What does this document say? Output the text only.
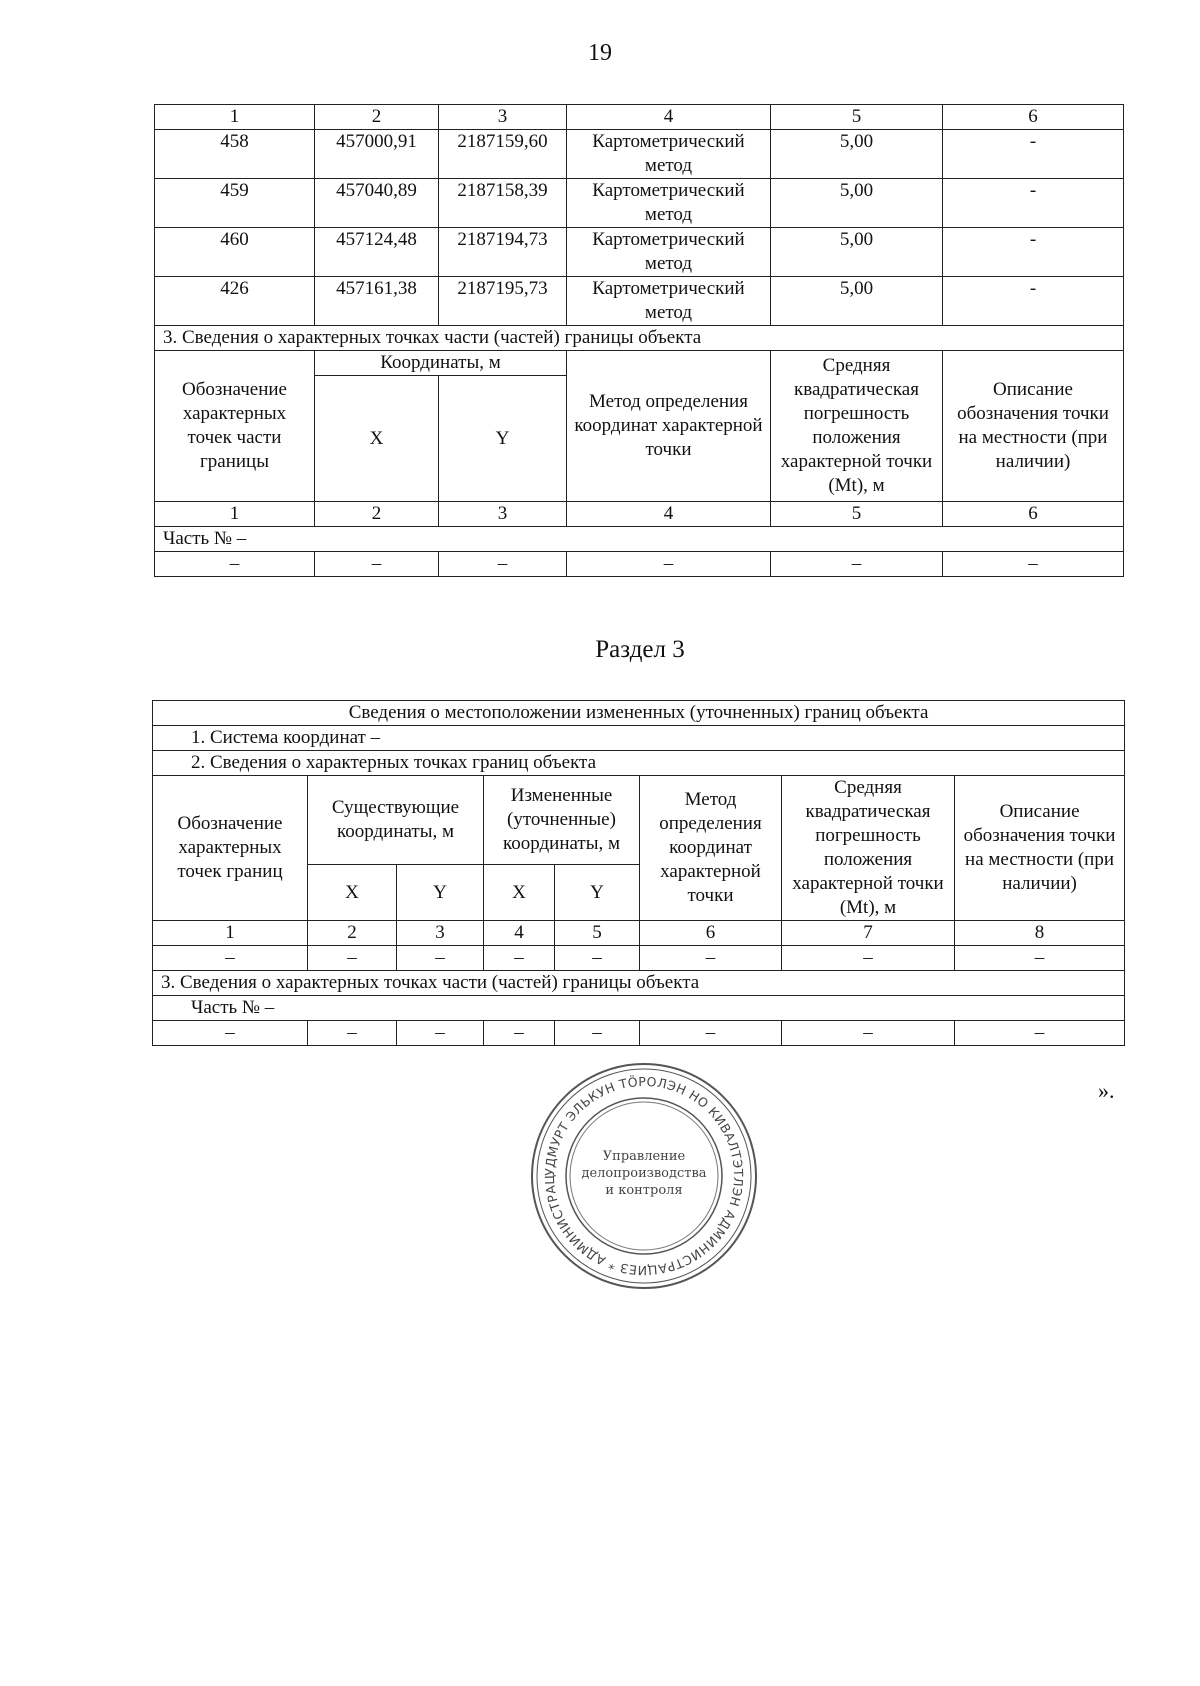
19
1	2	3	4	5	6
458	457000,91	2187159,60	Картометрический метод	5,00	-
459	457040,89	2187158,39	Картометрический метод	5,00	-
460	457124,48	2187194,73	Картометрический метод	5,00	-
426	457161,38	2187195,73	Картометрический метод	5,00	-
3. Сведения о характерных точках части (частей) границы объекта					
Обозначение характерных точек части границы	Координаты, м		Метод определения координат характерной точки	Средняя квадратическая погрешность положения характерной точки (Mt), м	Описание обозначения точки на местности (при наличии)
	X	Y			
1	2	3	4	5	6
Часть № –					
–	–	–	–	–	–
Раздел 3
Сведения о местоположении измененных (уточненных) границ объекта							
1. Система координат –							
2. Сведения о характерных точках границ объекта							
Обозначение характерных точек границ	Существующие координаты, м		Измененные (уточненные) координаты, м		Метод определения координат характерной точки	Средняя квадратическая погрешность положения характерной точки (Mt), м	Описание обозначения точки на местности (при наличии)
	X	Y	X	Y			
1	2	3	4	5	6	7	8
–	–	–	–	–	–	–	–
3. Сведения о характерных точках части (частей) границы объекта							
Часть № –							
–	–	–	–	–	–	–	–
».
УДМУРТ ЭЛЬКУН ТӦРОЛЭН НО КИВАЛТЭТЛЭН АДМИНИСТРАЦИЕЗ * АДМИНИСТРАЦ
Управление делопроизводства и контроля
